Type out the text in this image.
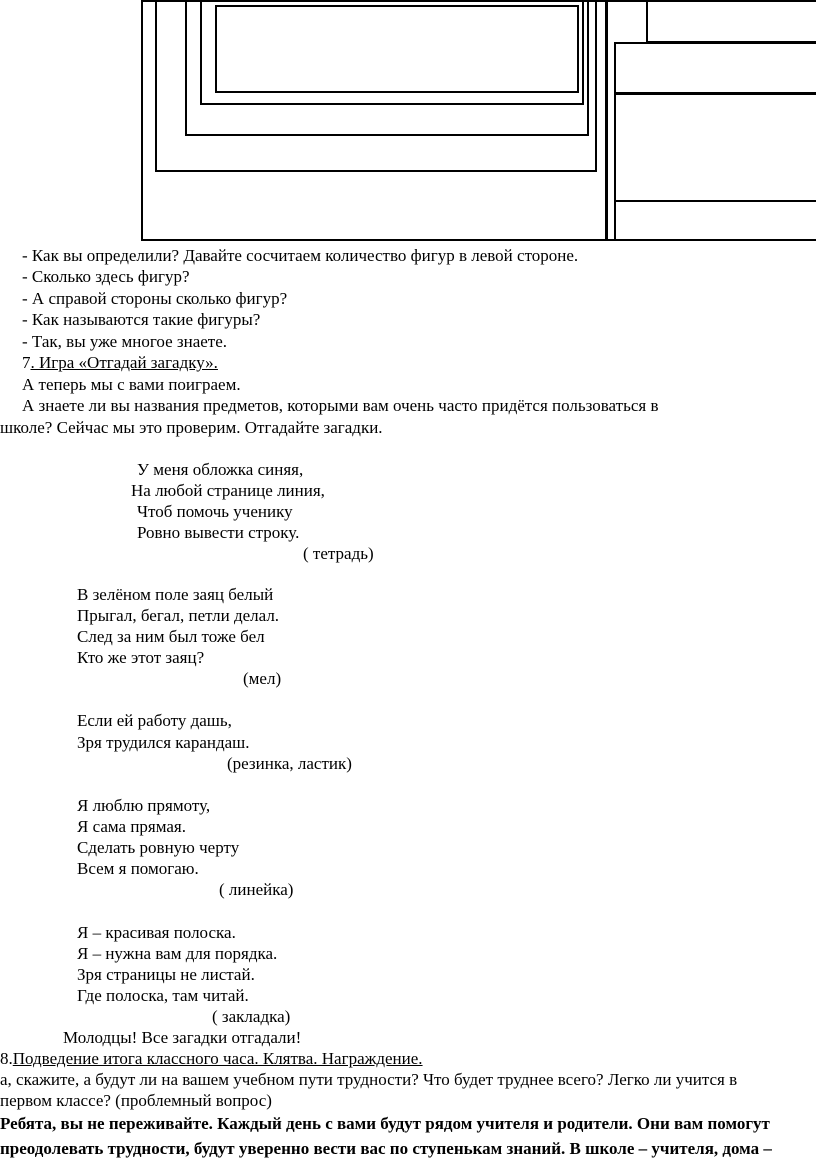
- Как вы определили? Давайте сосчитаем количество фигур в левой стороне.
- Сколько здесь фигур?
- А справой стороны сколько фигур?
- Как называются такие фигуры?
- Так, вы уже многое знаете.
7. Игра «Отгадай загадку».
А теперь мы с вами поиграем.
А знаете ли вы названия предметов, которыми вам очень часто придётся пользоваться в
школе? Сейчас мы это проверим. Отгадайте загадки.
У меня обложка синяя,
На любой странице линия,
Чтоб помочь ученику
Ровно вывести строку.
( тетрадь)
В зелёном поле заяц белый
Прыгал, бегал, петли делал.
След за ним был тоже бел
Кто же этот заяц?
(мел)
Если ей работу дашь,
Зря трудился карандаш.
(резинка, ластик)
Я люблю прямоту,
Я сама прямая.
Сделать ровную черту
Всем я помогаю.
( линейка)
Я – красивая полоска.
Я – нужна вам для порядка.
Зря страницы не листай.
Где полоска, там читай.
( закладка)
Молодцы! Все загадки отгадали!
8.Подведение итога классного часа. Клятва. Награждение.
а, скажите, а будут ли на вашем учебном пути трудности? Что будет труднее всего? Легко ли учится в
первом классе? (проблемный вопрос)
Ребята, вы не переживайте. Каждый день с вами будут рядом учителя и родители. Они вам помогут
преодолевать трудности, будут уверенно вести вас по ступенькам знаний. В школе – учителя, дома –
